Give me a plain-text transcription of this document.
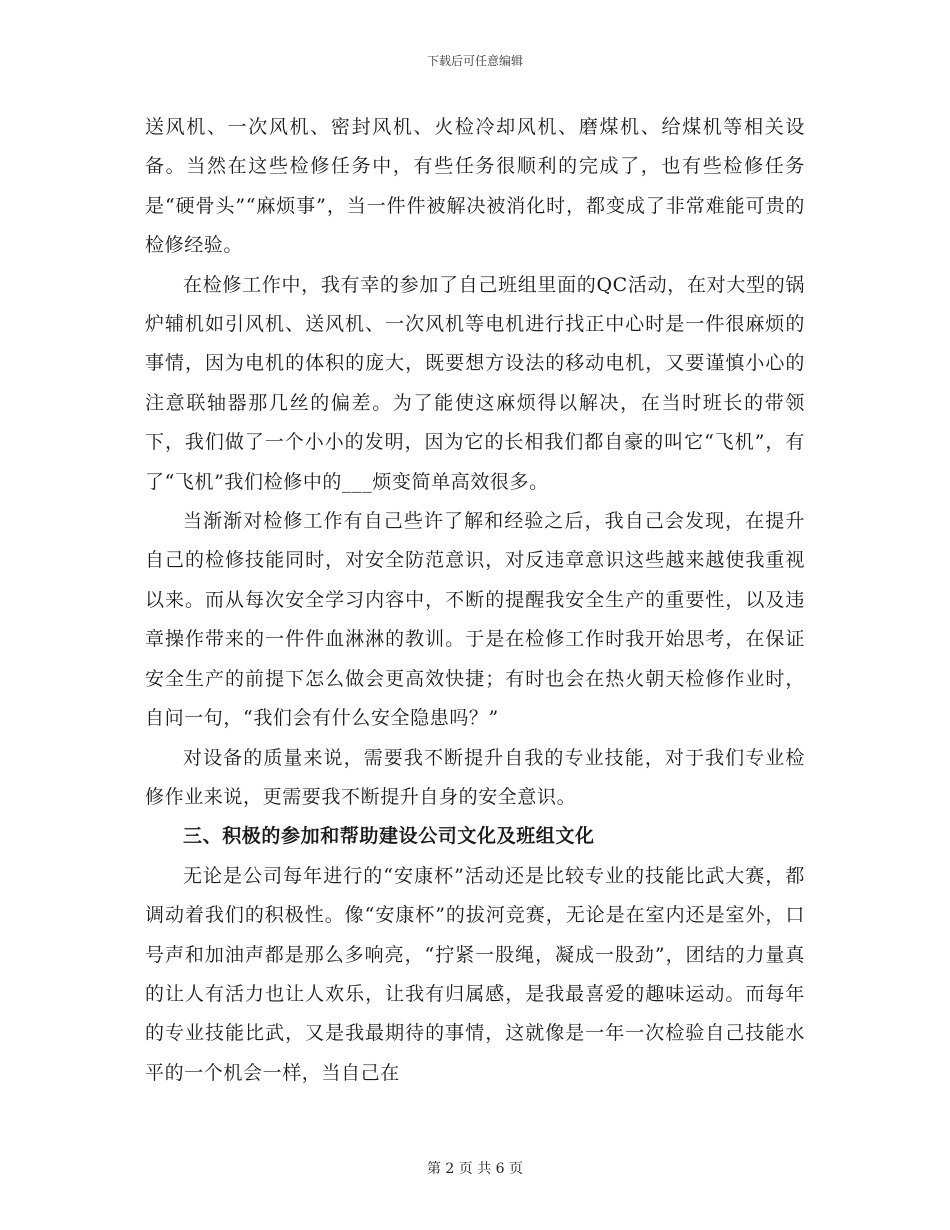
下载后可任意编辑

送风机、一次风机、密封风机、火检冷却风机、磨煤机、给煤机等相关设备。当然在这些检修任务中，有些任务很顺利的完成了，也有些检修任务是“硬骨头”“麻烦事”，当一件件被解决被消化时，都变成了非常难能可贵的检修经验。

在检修工作中，我有幸的参加了自己班组里面的QC活动，在对大型的锅炉辅机如引风机、送风机、一次风机等电机进行找正中心时是一件很麻烦的事情，因为电机的体积的庞大，既要想方设法的移动电机，又要谨慎小心的注意联轴器那几丝的偏差。为了能使这麻烦得以解决，在当时班长的带领下，我们做了一个小小的发明，因为它的长相我们都自豪的叫它“飞机”，有了“飞机”我们检修中的___烦变简单高效很多。

当渐渐对检修工作有自己些许了解和经验之后，我自己会发现，在提升自己的检修技能同时，对安全防范意识，对反违章意识这些越来越使我重视以来。而从每次安全学习内容中，不断的提醒我安全生产的重要性，以及违章操作带来的一件件血淋淋的教训。于是在检修工作时我开始思考，在保证安全生产的前提下怎么做会更高效快捷；有时也会在热火朝天检修作业时，自问一句，“我们会有什么安全隐患吗？”

对设备的质量来说，需要我不断提升自我的专业技能，对于我们专业检修作业来说，更需要我不断提升自身的安全意识。

三、积极的参加和帮助建设公司文化及班组文化

无论是公司每年进行的“安康杯”活动还是比较专业的技能比武大赛，都调动着我们的积极性。像“安康杯”的拔河竞赛，无论是在室内还是室外，口号声和加油声都是那么多响亮，“拧紧一股绳，凝成一股劲”，团结的力量真的让人有活力也让人欢乐，让我有归属感，是我最喜爱的趣味运动。而每年的专业技能比武，又是我最期待的事情，这就像是一年一次检验自己技能水平的一个机会一样，当自己在

第 2 页 共 6 页
